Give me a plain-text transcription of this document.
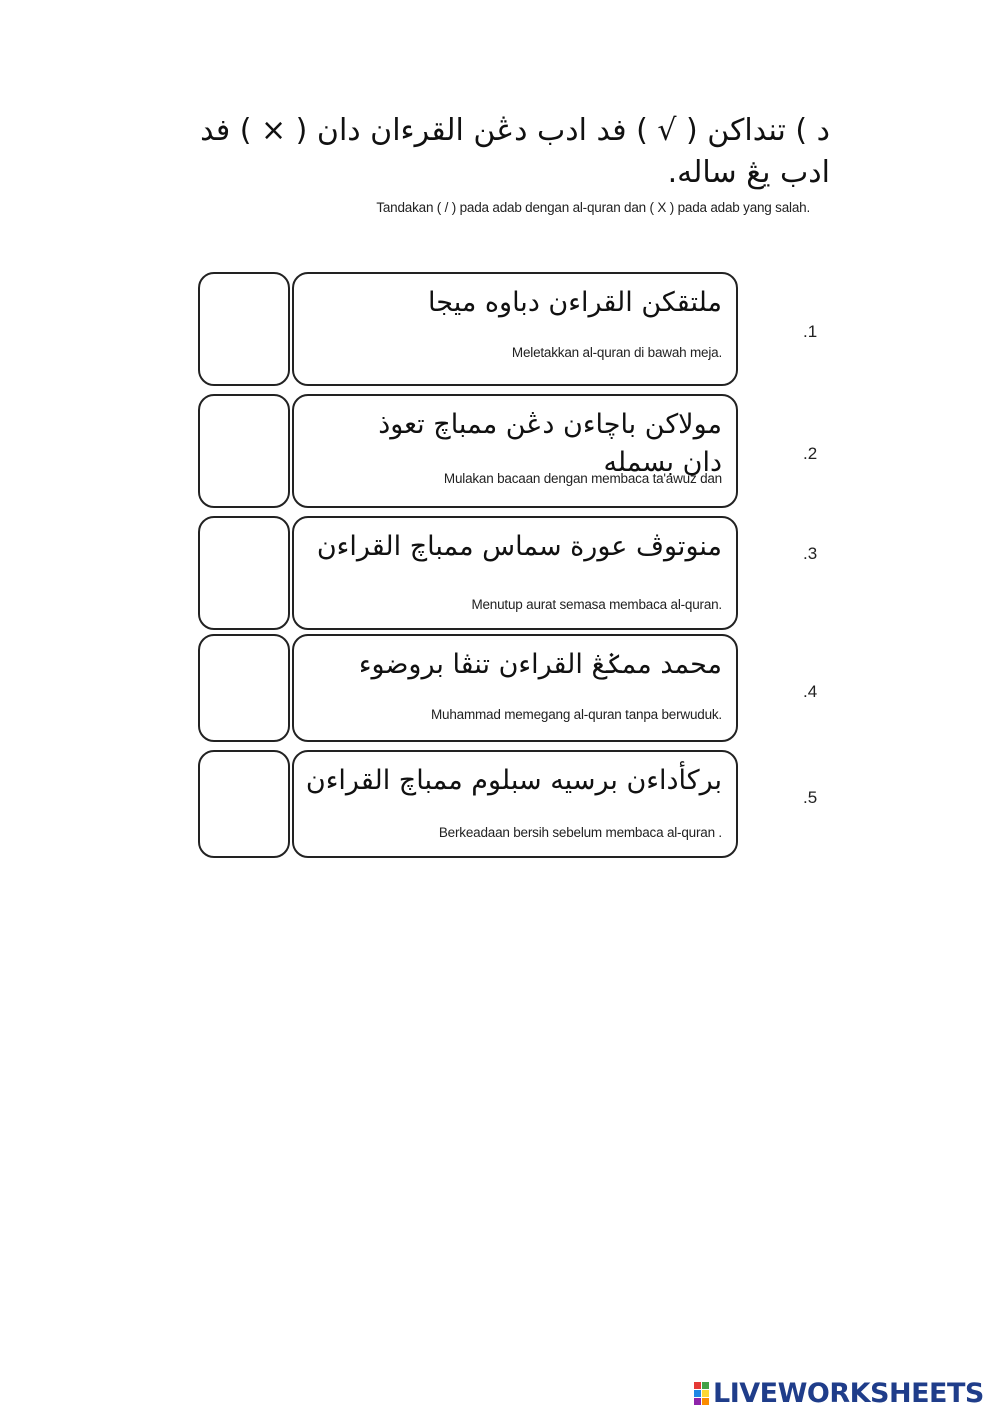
د ) تنداکن ( √ ) فد ادب دڠن القرءان دان ( × ) فد ادب يڠ ساله.
Tandakan ( / ) pada adab dengan al-quran dan ( X ) pada adab yang salah.
ملتقکن القراءن دباوه ميجا
Meletakkan al-quran di bawah meja.
.1
مولاکن باچاءن دڠن ممباچ تعوذ دان بسمله
Mulakan bacaan dengan membaca ta'awuz dan
.2
منوتوڤ عورة سماس ممباچ القراءن
Menutup aurat semasa membaca al-quran.
.3
محمد ممݢڠ القراءن تنڤا بروضوء
Muhammad memegang al-quran tanpa berwuduk.
.4
برکأداءن برسيه سبلوم ممباچ القراءن
Berkeadaan bersih sebelum membaca al-quran .
.5
LIVEWORKSHEETS
